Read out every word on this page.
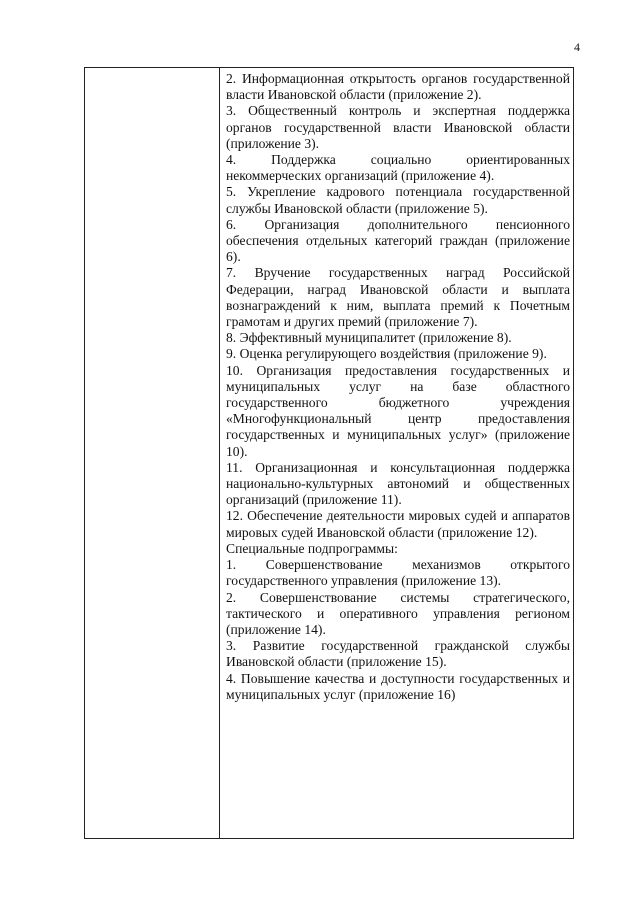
4

2. Информационная открытость органов государственной власти Ивановской области (приложение 2).

3. Общественный контроль и экспертная поддержка органов государственной власти Ивановской области (приложение 3).

4. Поддержка социально ориентированных некоммерческих организаций (приложение 4).

5. Укрепление кадрового потенциала государственной службы Ивановской области (приложение 5).

6. Организация дополнительного пенсионного обеспечения отдельных категорий граждан (приложение 6).

7. Вручение государственных наград Российской Федерации, наград Ивановской области и выплата вознаграждений к ним, выплата премий к Почетным грамотам и других премий (приложение 7).

8. Эффективный муниципалитет (приложение 8).

9. Оценка регулирующего воздействия (приложение 9).

10. Организация предоставления государственных и муниципальных услуг на базе областного государственного бюджетного учреждения «Многофункциональный центр предоставления государственных и муниципальных услуг» (приложение 10).

11. Организационная и консультационная поддержка национально-культурных автономий и общественных организаций (приложение 11).

12. Обеспечение деятельности мировых судей и аппаратов мировых судей Ивановской области (приложение 12).

Специальные подпрограммы:

1. Совершенствование механизмов открытого государственного управления (приложение 13).

2. Совершенствование системы стратегического, тактического и оперативного управления регионом (приложение 14).

3. Развитие государственной гражданской службы Ивановской области (приложение 15).

4. Повышение качества и доступности государственных и муниципальных услуг (приложение 16)
